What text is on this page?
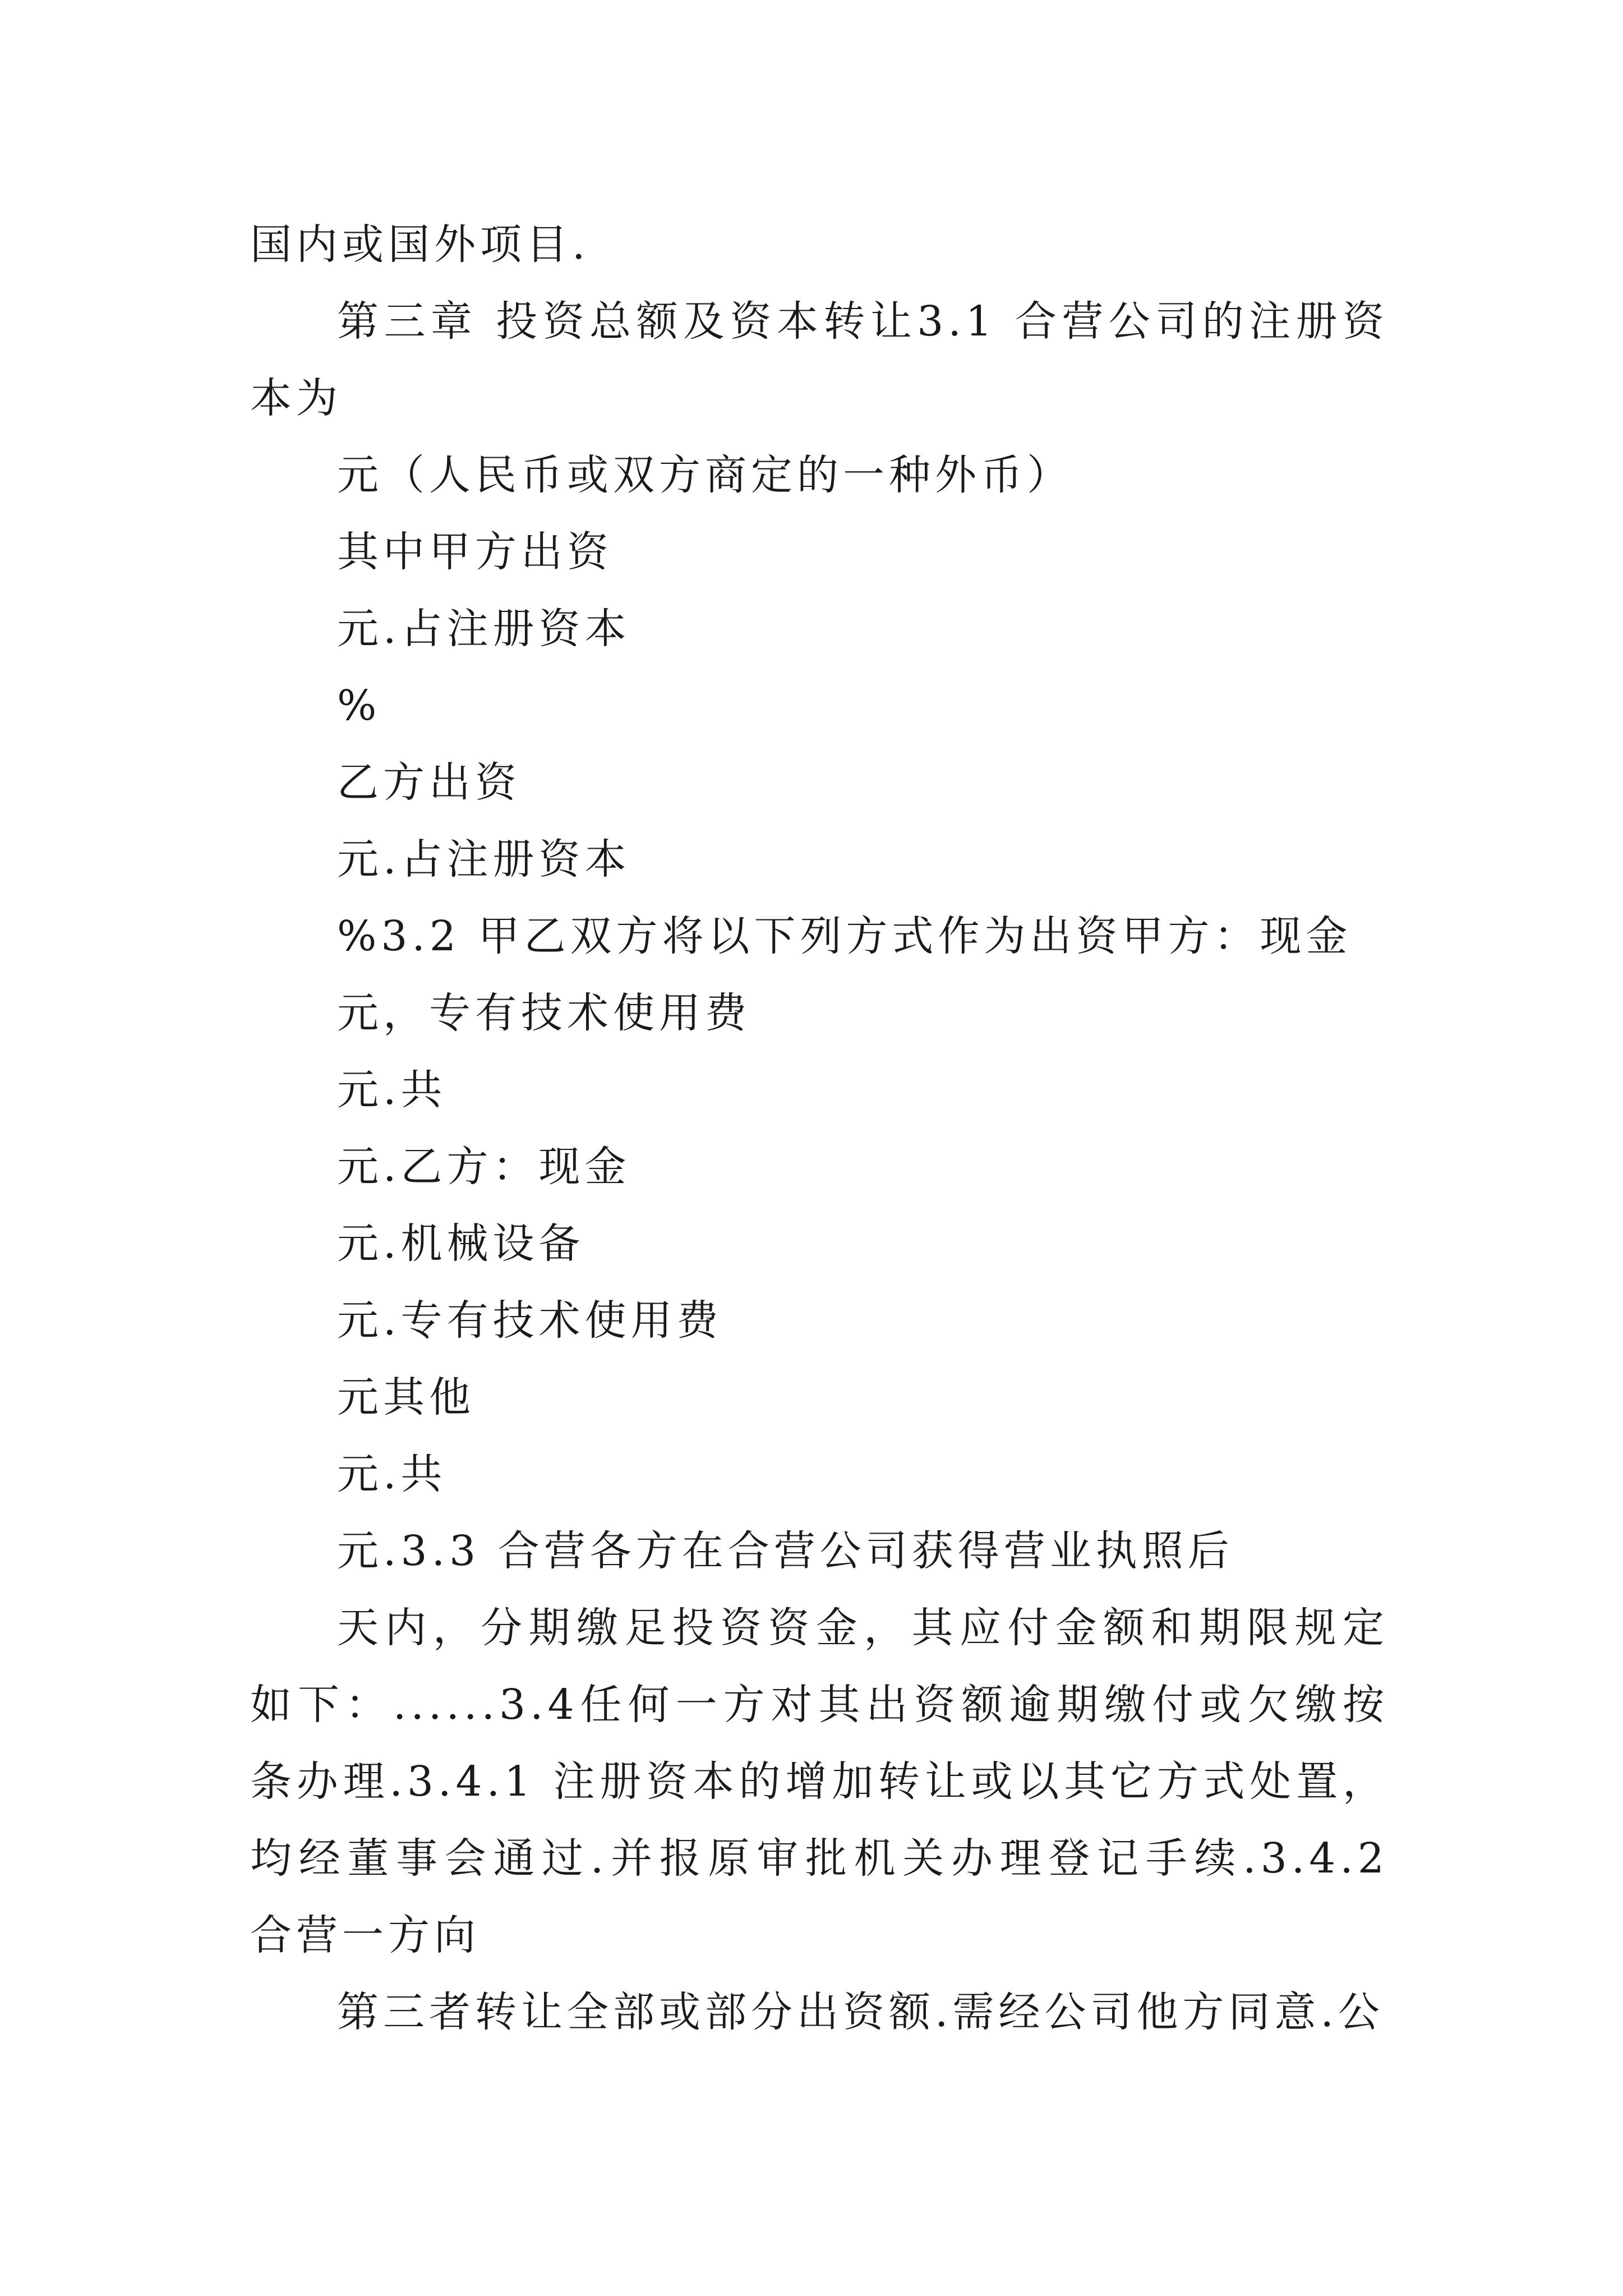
国内或国外项目.

第三章 投资总额及资本转让3.1 合营公司的注册资本为

元（人民币或双方商定的一种外币）

其中甲方出资

元.占注册资本

%

乙方出资

元.占注册资本

%3.2 甲乙双方将以下列方式作为出资甲方：现金

元，专有技术使用费

元.共

元.乙方：现金

元.机械设备

元.专有技术使用费

元其他

元.共

元.3.3 合营各方在合营公司获得营业执照后

天内，分期缴足投资资金，其应付金额和期限规定如下：......3.4任何一方对其出资额逾期缴付或欠缴按条办理.3.4.1 注册资本的增加转让或以其它方式处置，均经董事会通过.并报原审批机关办理登记手续.3.4.2 合营一方向

第三者转让全部或部分出资额.需经公司他方同意.公
